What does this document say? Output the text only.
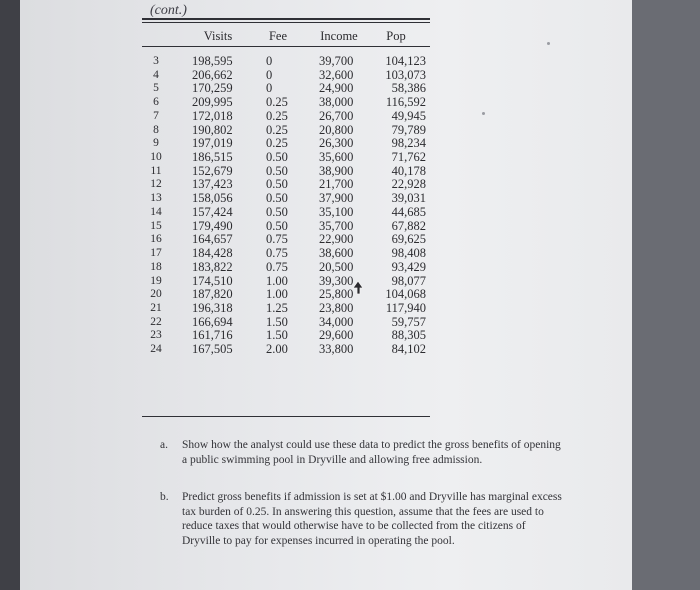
(cont.)
Visits	Fee	Income	Pop
3	198,595	0	39,700	104,123
4	206,662	0	32,600	103,073
5	170,259	0	24,900	58,386
6	209,995	0.25	38,000	116,592
7	172,018	0.25	26,700	49,945
8	190,802	0.25	20,800	79,789
9	197,019	0.25	26,300	98,234
10	186,515	0.50	35,600	71,762
11	152,679	0.50	38,900	40,178
12	137,423	0.50	21,700	22,928
13	158,056	0.50	37,900	39,031
14	157,424	0.50	35,100	44,685
15	179,490	0.50	35,700	67,882
16	164,657	0.75	22,900	69,625
17	184,428	0.75	38,600	98,408
18	183,822	0.75	20,500	93,429
19	174,510	1.00	39,300	98,077
20	187,820	1.00	25,800	104,068
21	196,318	1.25	23,800	117,940
22	166,694	1.50	34,000	59,757
23	161,716	1.50	29,600	88,305
24	167,505	2.00	33,800	84,102
a. Show how the analyst could use these data to predict the gross benefits of opening a public swimming pool in Dryville and allowing free admission.
b. Predict gross benefits if admission is set at $1.00 and Dryville has marginal excess tax burden of 0.25. In answering this question, assume that the fees are used to reduce taxes that would otherwise have to be collected from the citizens of Dryville to pay for expenses incurred in operating the pool.
